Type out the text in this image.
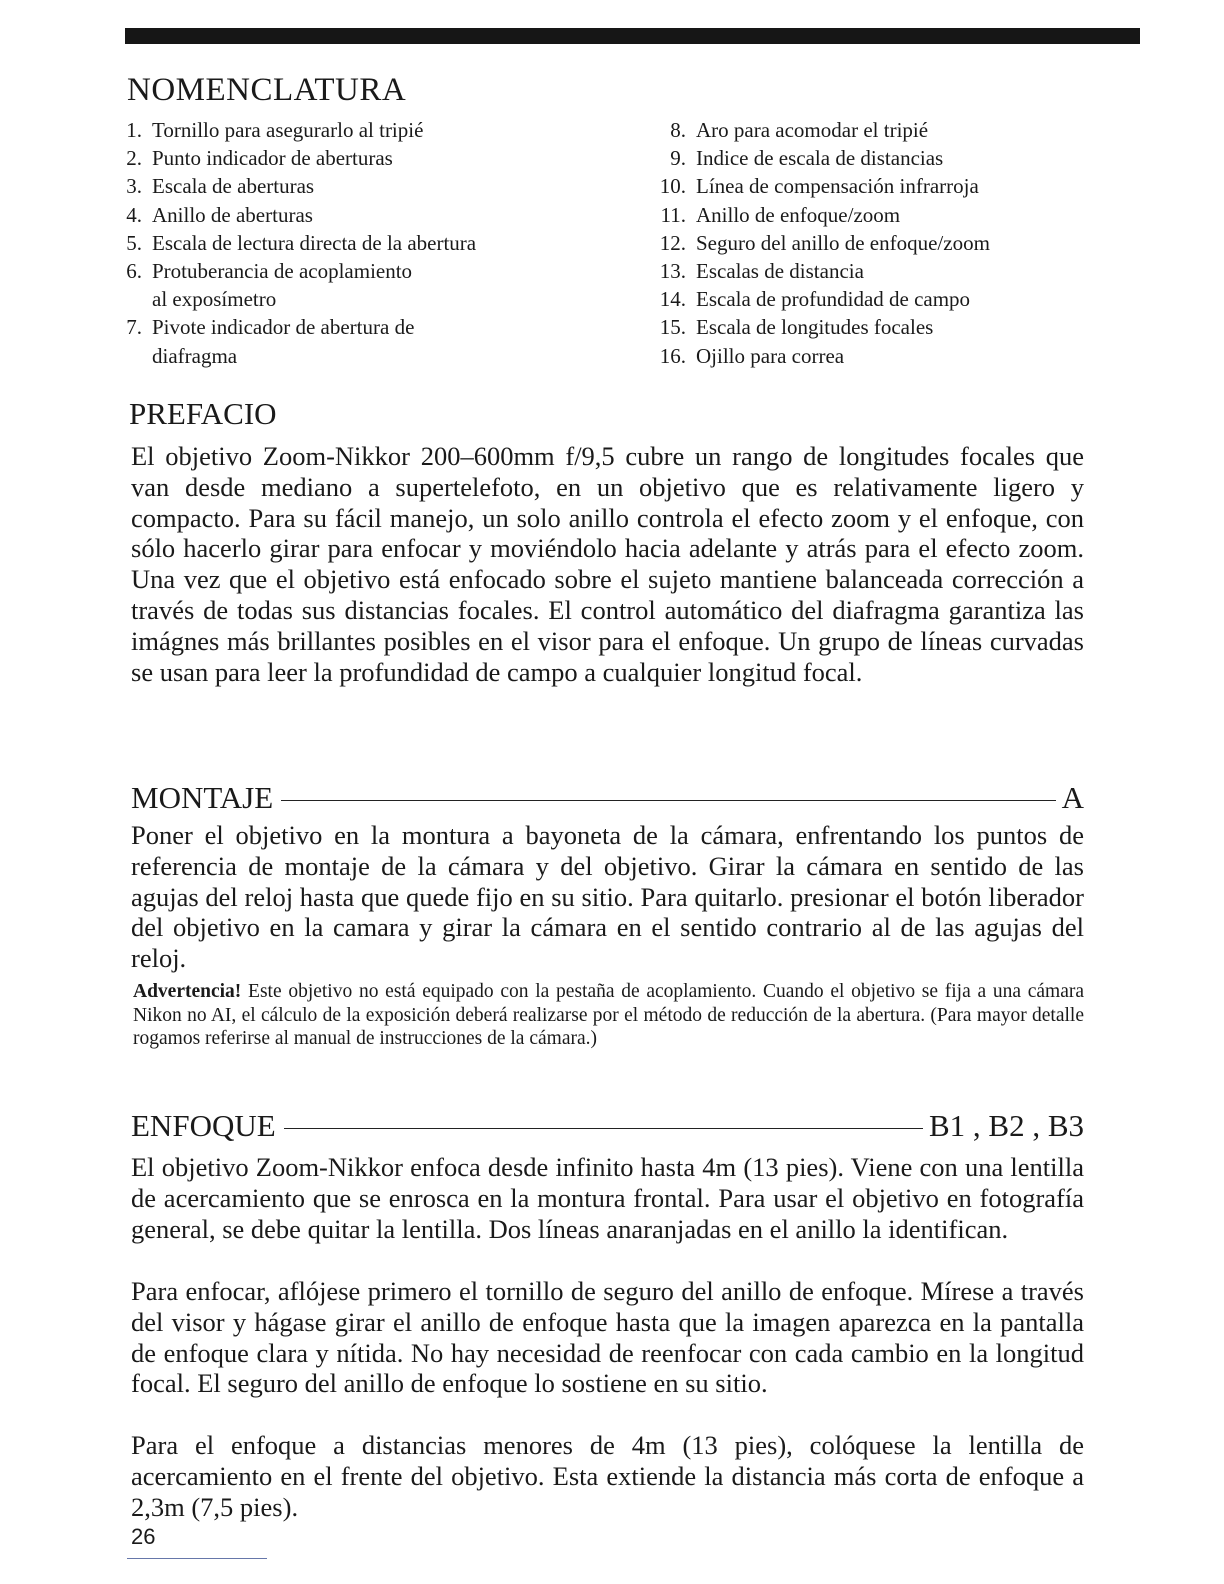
NOMENCLATURA
1. Tornillo para asegurarlo al tripié
2. Punto indicador de aberturas
3. Escala de aberturas
4. Anillo de aberturas
5. Escala de lectura directa de la abertura
6. Protuberancia de acoplamiento
al exposímetro
7. Pivote indicador de abertura de
diafragma
8. Aro para acomodar el tripié
9. Indice de escala de distancias
10. Línea de compensación infrarroja
11. Anillo de enfoque/zoom
12. Seguro del anillo de enfoque/zoom
13. Escalas de distancia
14. Escala de profundidad de campo
15. Escala de longitudes focales
16. Ojillo para correa
PREFACIO

El objetivo Zoom-Nikkor 200–600mm f/9,5 cubre un rango de longitudes focales que van desde mediano a supertelefoto, en un objetivo que es relativamente ligero y compacto. Para su fácil manejo, un solo anillo controla el efecto zoom y el enfoque, con sólo hacerlo girar para enfocar y moviéndolo hacia adelante y atrás para el efecto zoom. Una vez que el objetivo está enfocado sobre el sujeto mantiene balanceada corrección a través de todas sus distancias focales. El control automático del diafragma garantiza las imágnes más brillantes posibles en el visor para el enfoque. Un grupo de líneas curvadas se usan para leer la profundidad de campo a cualquier longitud focal.

MONTAJE	A

Poner el objetivo en la montura a bayoneta de la cámara, enfrentando los puntos de referencia de montaje de la cámara y del objetivo. Girar la cámara en sentido de las agujas del reloj hasta que quede fijo en su sitio. Para quitarlo. presionar el botón liberador del objetivo en la camara y girar la cámara en el sentido contrario al de las agujas del reloj.

Advertencia! Este objetivo no está equipado con la pestaña de acoplamiento. Cuando el objetivo se fija a una cámara Nikon no AI, el cálculo de la exposición deberá realizarse por el método de reducción de la abertura. (Para mayor detalle rogamos referirse al manual de instrucciones de la cámara.)

ENFOQUE	B1 , B2 , B3

El objetivo Zoom-Nikkor enfoca desde infinito hasta 4m (13 pies). Viene con una lentilla de acercamiento que se enrosca en la montura frontal. Para usar el objetivo en fotografía general, se debe quitar la lentilla. Dos líneas anaranjadas en el anillo la identifican.

Para enfocar, aflójese primero el tornillo de seguro del anillo de enfoque. Mírese a través del visor y hágase girar el anillo de enfoque hasta que la imagen aparezca en la pantalla de enfoque clara y nítida. No hay necesidad de reenfocar con cada cambio en la longitud focal. El seguro del anillo de enfoque lo sostiene en su sitio.

Para el enfoque a distancias menores de 4m (13 pies), colóquese la lentilla de acercamiento en el frente del objetivo. Esta extiende la distancia más corta de enfoque a 2,3m (7,5 pies).

26
